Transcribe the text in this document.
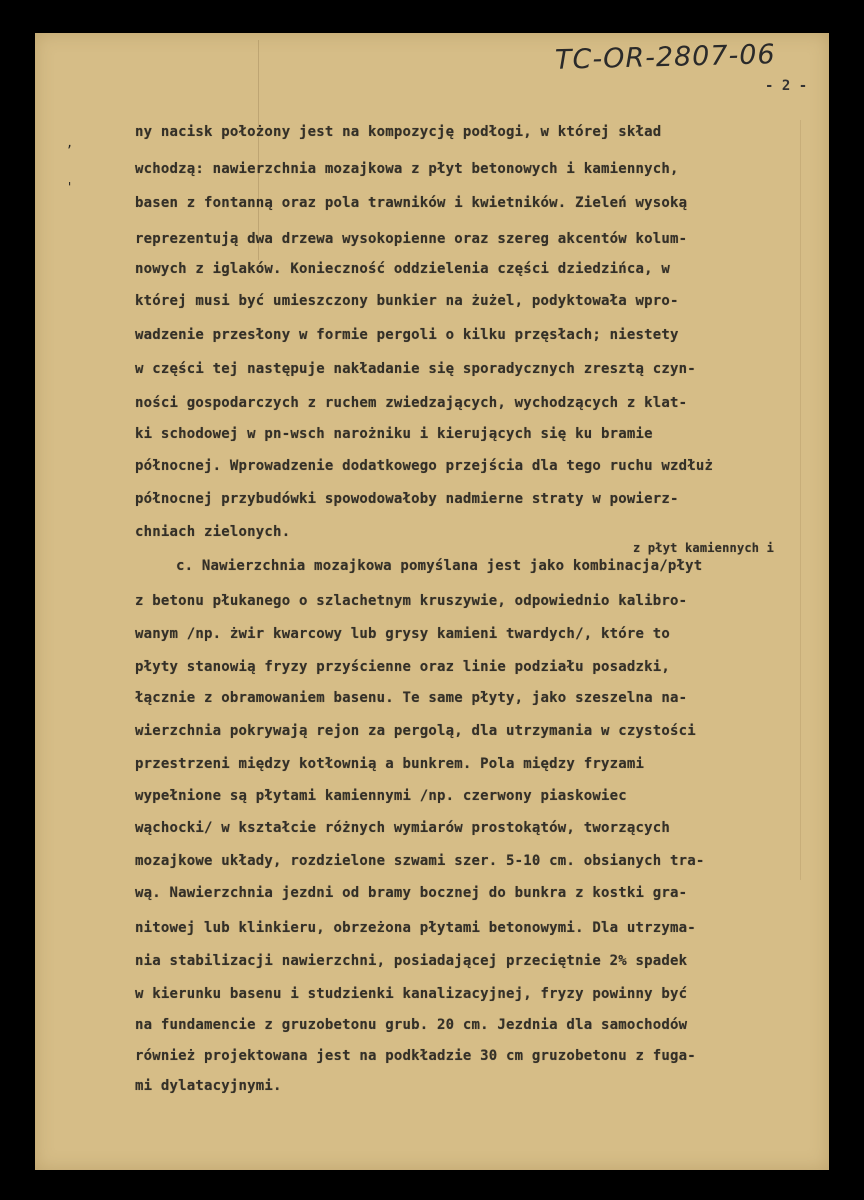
TC-OR-2807-06
- 2 -
,
'
ny nacisk położony jest na kompozycję podłogi, w której skład
wchodzą: nawierzchnia mozajkowa z płyt betonowych i kamiennych,
basen z fontanną oraz pola trawników i kwietników. Zieleń wysoką
reprezentują dwa drzewa wysokopienne oraz szereg akcentów kolum-
nowych z iglaków. Konieczność oddzielenia części dziedzińca, w
której musi być umieszczony bunkier na żużel, podyktowała wpro-
wadzenie przesłony w formie pergoli o kilku przęsłach; niestety
w części tej następuje nakładanie się sporadycznych zresztą czyn-
ności gospodarczych z ruchem zwiedzających, wychodzących z klat-
ki schodowej w pn-wsch narożniku i kierujących się ku bramie
północnej. Wprowadzenie dodatkowego przejścia dla tego ruchu wzdłuż
północnej przybudówki spowodowałoby nadmierne straty w powierz-
chniach zielonych.
z płyt kamiennych i
c. Nawierzchnia mozajkowa pomyślana jest jako kombinacja/płyt
z betonu płukanego o szlachetnym kruszywie, odpowiednio kalibro-
wanym /np. żwir kwarcowy lub grysy kamieni twardych/, które to
płyty stanowią fryzy przyścienne oraz linie podziału posadzki,
łącznie z obramowaniem basenu. Te same płyty, jako szeszelna na-
wierzchnia pokrywają rejon za pergolą, dla utrzymania w czystości
przestrzeni między kotłownią a bunkrem. Pola między fryzami
wypełnione są płytami kamiennymi /np. czerwony piaskowiec
wąchocki/ w kształcie różnych wymiarów prostokątów, tworzących
mozajkowe układy, rozdzielone szwami szer. 5-10 cm. obsianych tra-
wą. Nawierzchnia jezdni od bramy bocznej do bunkra z kostki gra-
nitowej lub klinkieru, obrzeżona płytami betonowymi. Dla utrzyma-
nia stabilizacji nawierzchni, posiadającej przeciętnie 2% spadek
w kierunku basenu i studzienki kanalizacyjnej, fryzy powinny być
na fundamencie z gruzobetonu grub. 20 cm. Jezdnia dla samochodów
również projektowana jest na podkładzie 30 cm gruzobetonu z fuga-
mi dylatacyjnymi.
